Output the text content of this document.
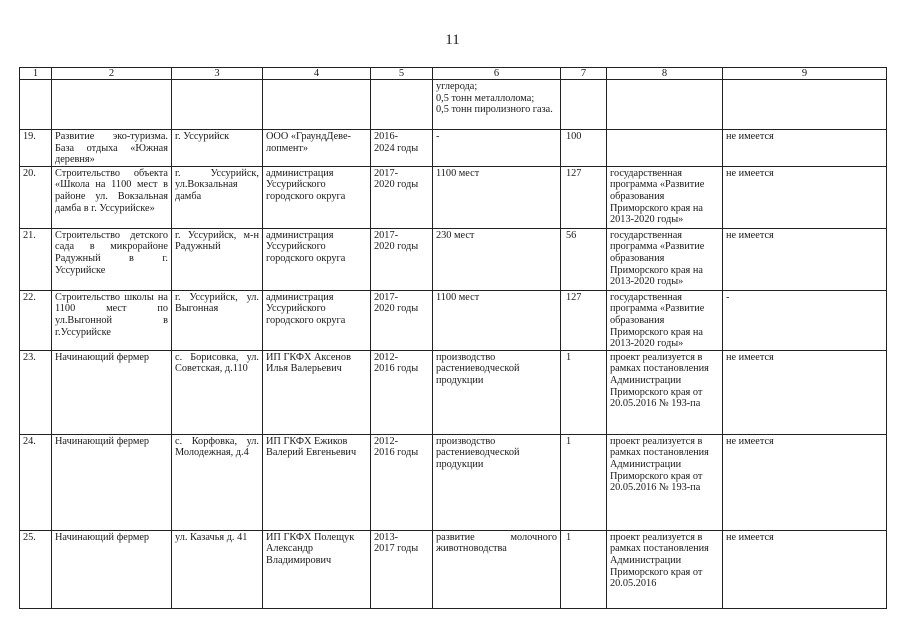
11
1	2	3	4	5	6	7	8	9

					углерода;
0,5 тонн металлолома;
0,5 тонн пиролизного газа.			

19.	Развитие эко-туризма. База отдыха «Южная деревня»	г. Уссурийск	ООО «ГраундДеве-лопмент»	2016-
2024 годы	-	100		не имеется
20.	Строительство объекта «Школа на 1100 мест в районе ул. Вокзальная дамба в г. Уссурийске»	г. Уссурийск, ул.Вокзальная дамба	администрация Уссурийского городского округа	2017-
2020 годы	1100 мест	127	государственная программа «Развитие образования Приморского края на 2013-2020 годы»	не имеется
21.	Строительство детского сада в микрорайоне Радужный в г. Уссурийске	г. Уссурийск, м-н Радужный	администрация Уссурийского городского округа	2017-
2020 годы	230 мест	56	государственная программа «Развитие образования Приморского края на 2013-2020 годы»	не имеется
22.	Строительство школы на 1100 мест по ул.Выгонной в г.Уссурийске	г. Уссурийск, ул. Выгонная	администрация Уссурийского городского округа	2017-
2020 годы	1100 мест	127	государственная программа «Развитие образования Приморского края на 2013-2020 годы»	-
23.	Начинающий фермер	с. Борисовка, ул. Советская, д.110	ИП ГКФХ Аксенов Илья Валерьевич	2012-
2016 годы	производство растениеводческой продукции	1	проект реализуется в рамках постановления Администрации Приморского края от 20.05.2016 № 193-па	не имеется
24.	Начинающий фермер	с. Корфовка, ул. Молодежная, д.4	ИП ГКФХ Ежиков Валерий Евгеньевич	2012-
2016 годы	производство растениеводческой продукции	1	проект реализуется в рамках постановления Администрации Приморского края от 20.05.2016 № 193-па	не имеется
25.	Начинающий фермер	ул. Казачья д. 41	ИП ГКФХ Полещук Александр Владимирович	2013-
2017 годы	развитие молочного животноводства	1	проект реализуется в рамках постановления Администрации Приморского края от 20.05.2016	не имеется
